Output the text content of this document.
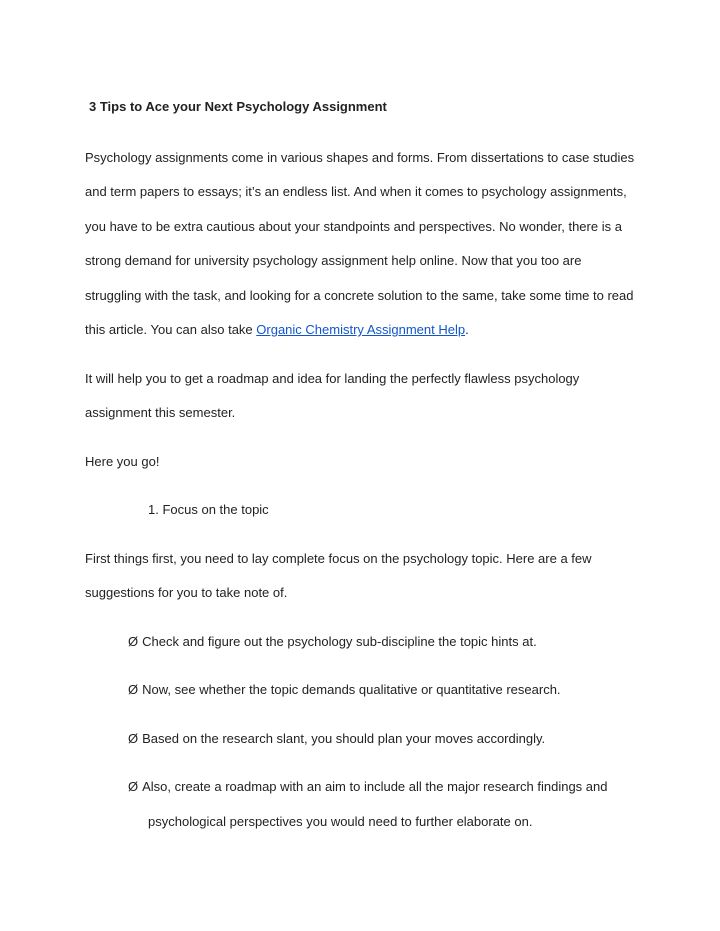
3 Tips to Ace your Next Psychology Assignment

Psychology assignments come in various shapes and forms. From dissertations to case studies

and term papers to essays; it’s an endless list. And when it comes to psychology assignments,

you have to be extra cautious about your standpoints and perspectives. No wonder, there is a

strong demand for university psychology assignment help online. Now that you too are

struggling with the task, and looking for a concrete solution to the same, take some time to read

this article. You can also take Organic Chemistry Assignment Help.

It will help you to get a roadmap and idea for landing the perfectly flawless psychology

assignment this semester.

Here you go!

1. Focus on the topic

First things first, you need to lay complete focus on the psychology topic. Here are a few

suggestions for you to take note of.

Ø Check and figure out the psychology sub-discipline the topic hints at.

Ø Now, see whether the topic demands qualitative or quantitative research.

Ø Based on the research slant, you should plan your moves accordingly.

Ø Also, create a roadmap with an aim to include all the major research findings and

psychological perspectives you would need to further elaborate on.
